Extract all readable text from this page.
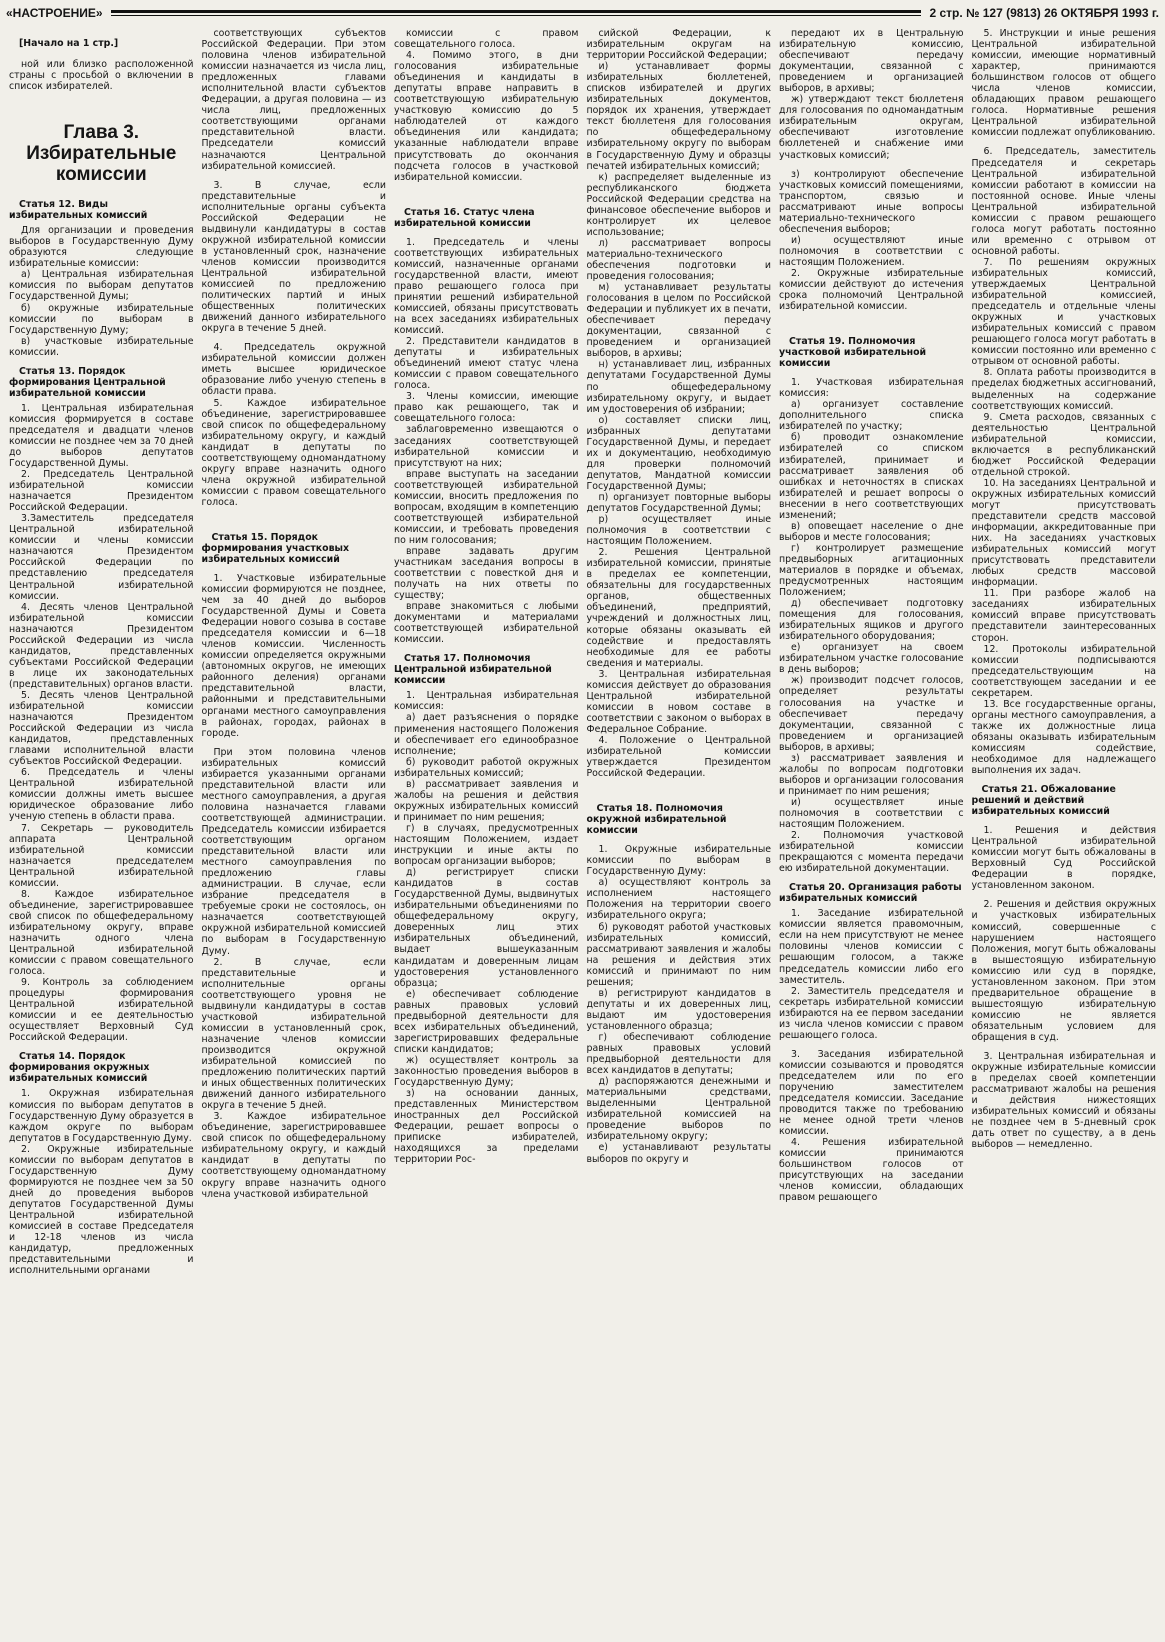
«НАСТРОЕНИЕ»	2 стр. № 127 (9813) 26 ОКТЯБРЯ 1993 г.

[Начало на 1 стр.]

ной или близко расположенной страны с просьбой о включении в список избирателей.

Глава 3. Избирательные комиссии
Статья 12. Виды избирательных комиссий

Для организации и проведения выборов в Государственную Думу образуются следующие избирательные комиссии:

а) Центральная избирательная комиссия по выборам депутатов Государственной Думы;

б) окружные избирательные комиссии по выборам в Государственную Думу;

в) участковые избирательные комиссии.

Статья 13. Порядок формирования Центральной избирательной комиссии

1. Центральная избирательная комиссия формируется в составе председателя и двадцати членов комиссии не позднее чем за 70 дней до выборов депутатов Государственной Думы.

2. Председатель Центральной избирательной комиссии назначается Президентом Российской Федерации.

3.Заместитель председателя Центральной избирательной комиссии и члены комиссии назначаются Президентом Российской Федерации по представлению председателя Центральной избирательной комиссии.

4. Десять членов Центральной избирательной комиссии назначаются Президентом Российской Федерации из числа кандидатов, представленных субъектами Российской Федерации в лице их законодательных (представительных) органов власти.

5. Десять членов Центральной избирательной комиссии назначаются Президентом Российской Федерации из числа кандидатов, представленных главами исполнительной власти субъектов Российской Федерации.

6. Председатель и члены Центральной избирательной комиссии должны иметь высшее юридическое образование либо ученую степень в области права.

7. Секретарь — руководитель аппарата Центральной избирательной комиссии назначается председателем Центральной избирательной комиссии.

8. Каждое избирательное объединение, зарегистрировавшее свой список по общефедеральному избирательному округу, вправе назначить одного члена Центральной избирательной комиссии с правом совещательного голоса.

9. Контроль за соблюдением процедуры формирования Центральной избирательной комиссии и ее деятельностью осуществляет Верховный Суд Российской Федерации.

Статья 14. Порядок формирования окружных избирательных комиссий

1. Окружная избирательная комиссия по выборам депутатов в Государственную Думу образуется в каждом округе по выборам депутатов в Государственную Думу.

2. Окружные избирательные комиссии по выборам депутатов в Государственную Думу формируются не позднее чем за 50 дней до проведения выборов депутатов Государственной Думы Центральной избирательной комиссией в составе Председателя и 12-18 членов из числа кандидатур, предложенных представительными и исполнительными органами

соответствующих субъектов Российской Федерации. При этом половина членов избирательной комиссии назначается из числа лиц, предложенных главами исполнительной власти субъектов Федерации, а другая половина — из числа лиц, предложенных соответствующими органами представительной власти. Председатели комиссий назначаются Центральной избирательной комиссией.

3. В случае, если представительные и исполнительные органы субъекта Российской Федерации не выдвинули кандидатуры в состав окружной избирательной комиссии в установленный срок, назначение членов комиссии производится Центральной избирательной комиссией по предложению политических партий и иных общественных политических движений данного избирательного округа в течение 5 дней.

4. Председатель окружной избирательной комиссии должен иметь высшее юридическое образование либо ученую степень в области права.

5. Каждое избирательное объединение, зарегистрировавшее свой список по общефедеральному избирательному округу, и каждый кандидат в депутаты по соответствующему одномандатному округу вправе назначить одного члена окружной избирательной комиссии с правом совещательного голоса.

Статья 15. Порядок формирования участковых избирательных комиссий

1. Участковые избирательные комиссии формируются не позднее, чем за 40 дней до выборов Государственной Думы и Совета Федерации нового созыва в составе председателя комиссии и 6—18 членов комиссии. Численность комиссии определяется окружными (автономных округов, не имеющих районного деления) органами представительной власти, районными и представительными органами местного самоуправления в районах, городах, районах в городе.

При этом половина членов избирательных комиссий избирается указанными органами представительной власти или местного самоуправления, а другая половина назначается главами соответствующей администрации. Председатель комиссии избирается соответствующим органом представительной власти или местного самоуправления по предложению главы администрации. В случае, если избрание председателя в требуемые сроки не состоялось, он назначается соответствующей окружной избирательной комиссией по выборам в Государственную Думу.

2. В случае, если представительные и исполнительные органы соответствующего уровня не выдвинули кандидатуры в состав участковой избирательной комиссии в установленный срок, назначение членов комиссии производится окружной избирательной комиссией по предложению политических партий и иных общественных политических движений данного избирательного округа в течение 5 дней.

3. Каждое избирательное объединение, зарегистрировавшее свой список по общефедеральному избирательному округу, и каждый кандидат в депутаты по соответствующему одномандатному округу вправе назначить одного члена участковой избирательной

комиссии с правом совещательного голоса.

4. Помимо этого, в дни голосования избирательные объединения и кандидаты в депутаты вправе направить в соответствующую избирательную участковую комиссию до 5 наблюдателей от каждого объединения или кандидата; указанные наблюдатели вправе присутствовать до окончания подсчета голосов в участковой избирательной комиссии.

Статья 16. Статус члена избирательной комиссии

1. Председатель и члены соответствующих избирательных комиссий, назначенные органами государственной власти, имеют право решающего голоса при принятии решений избирательной комиссией, обязаны присутствовать на всех заседаниях избирательных комиссий.

2. Представители кандидатов в депутаты и избирательных объединений имеют статус члена комиссии с правом совещательного голоса.

3. Члены комиссии, имеющие право как решающего, так и совещательного голоса:

заблаговременно извещаются о заседаниях соответствующей избирательной комиссии и присутствуют на них;

вправе выступать на заседании соответствующей избирательной комиссии, вносить предложения по вопросам, входящим в компетенцию соответствующей избирательной комиссии, и требовать проведения по ним голосования;

вправе задавать другим участникам заседания вопросы в соответствии с повесткой дня и получать на них ответы по существу;

вправе знакомиться с любыми документами и материалами соответствующей избирательной комиссии.

Статья 17. Полномочия Центральной избирательной комиссии

1. Центральная избирательная комиссия:

а) дает разъяснения о порядке применения настоящего Положения и обеспечивает его единообразное исполнение;

б) руководит работой окружных избирательных комиссий;

в) рассматривает заявления и жалобы на решения и действия окружных избирательных комиссий и принимает по ним решения;

г) в случаях, предусмотренных настоящим Положением, издает инструкции и иные акты по вопросам организации выборов;

д) регистрирует списки кандидатов в состав Государственной Думы, выдвинутых избирательными объединениями по общефедеральному округу, доверенных лиц этих избирательных объединений, выдает вышеуказанным кандидатам и доверенным лицам удостоверения установленного образца;

е) обеспечивает соблюдение равных правовых условий предвыборной деятельности для всех избирательных объединений, зарегистрировавших федеральные списки кандидатов;

ж) осуществляет контроль за законностью проведения выборов в Государственную Думу;

з) на основании данных, представленных Министерством иностранных дел Российской Федерации, решает вопросы о приписке избирателей, находящихся за пределами территории Рос-

сийской Федерации, к избирательным округам на территории Российской Федерации;

и) устанавливает формы избирательных бюллетеней, списков избирателей и других избирательных документов, порядок их хранения, утверждает текст бюллетеня для голосования по общефедеральному избирательному округу по выборам в Государственную Думу и образцы печатей избирательных комиссий;

к) распределяет выделенные из республиканского бюджета Российской Федерации средства на финансовое обеспечение выборов и контролирует их целевое использование;

л) рассматривает вопросы материально-технического обеспечения подготовки и проведения голосования;

м) устанавливает результаты голосования в целом по Российской Федерации и публикует их в печати, обеспечивает передачу документации, связанной с проведением и организацией выборов, в архивы;

н) устанавливает лиц, избранных депутатами Государственной Думы по общефедеральному избирательному округу, и выдает им удостоверения об избрании;

о) составляет списки лиц, избранных депутатами Государственной Думы, и передает их и документацию, необходимую для проверки полномочий депутатов, Мандатной комиссии Государственной Думы;

п) организует повторные выборы депутатов Государственной Думы;

р) осуществляет иные полномочия в соответствии с настоящим Положением.

2. Решения Центральной избирательной комиссии, принятые в пределах ее компетенции, обязательны для государственных органов, общественных объединений, предприятий, учреждений и должностных лиц, которые обязаны оказывать ей содействие и предоставлять необходимые для ее работы сведения и материалы.

3. Центральная избирательная комиссия действует до образования Центральной избирательной комиссии в новом составе в соответствии с законом о выборах в Федеральное Собрание.

4. Положение о Центральной избирательной комиссии утверждается Президентом Российской Федерации.

Статья 18. Полномочия окружной избирательной комиссии

1. Окружные избирательные комиссии по выборам в Государственную Думу:

а) осуществляют контроль за исполнением настоящего Положения на территории своего избирательного округа;

б) руководят работой участковых избирательных комиссий, рассматривают заявления и жалобы на решения и действия этих комиссий и принимают по ним решения;

в) регистрируют кандидатов в депутаты и их доверенных лиц, выдают им удостоверения установленного образца;

г) обеспечивают соблюдение равных правовых условий предвыборной деятельности для всех кандидатов в депутаты;

д) распоряжаются денежными и материальными средствами, выделенными Центральной избирательной комиссией на проведение выборов по избирательному округу;

е) устанавливают результаты выборов по округу и

передают их в Центральную избирательную комиссию, обеспечивают передачу документации, связанной с проведением и организацией выборов, в архивы;

ж) утверждают текст бюллетеня для голосования по одномандатным избирательным округам, обеспечивают изготовление бюллетеней и снабжение ими участковых комиссий;

з) контролируют обеспечение участковых комиссий помещениями, транспортом, связью и рассматривают иные вопросы материально-технического обеспечения выборов;

и) осуществляют иные полномочия в соответствии с настоящим Положением.

2. Окружные избирательные комиссии действуют до истечения срока полномочий Центральной избирательной комиссии.

Статья 19. Полномочия участковой избирательной комиссии

1. Участковая избирательная комиссия:

а) организует составление дополнительного списка избирателей по участку;

б) проводит ознакомление избирателей со списком избирателей, принимает и рассматривает заявления об ошибках и неточностях в списках избирателей и решает вопросы о внесении в него соответствующих изменений;

в) оповещает население о дне выборов и месте голосования;

г) контролирует размещение предвыборных агитационных материалов в порядке и объемах, предусмотренных настоящим Положением;

д) обеспечивает подготовку помещения для голосования, избирательных ящиков и другого избирательного оборудования;

е) организует на своем избирательном участке голосование в день выборов;

ж) производит подсчет голосов, определяет результаты голосования на участке и обеспечивает передачу документации, связанной с проведением и организацией выборов, в архивы;

з) рассматривает заявления и жалобы по вопросам подготовки выборов и организации голосования и принимает по ним решения;

и) осуществляет иные полномочия в соответствии с настоящим Положением.

2. Полномочия участковой избирательной комиссии прекращаются с момента передачи ею избирательной документации.

Статья 20. Организация работы избирательных комиссий

1. Заседание избирательной комиссии является правомочным, если на нем присутствуют не менее половины членов комиссии с решающим голосом, а также председатель комиссии либо его заместитель.

2. Заместитель председателя и секретарь избирательной комиссии избираются на ее первом заседании из числа членов комиссии с правом решающего голоса.

3. Заседания избирательной комиссии созываются и проводятся председателем или по его поручению заместителем председателя комиссии. Заседание проводится также по требованию не менее одной трети членов комиссии.

4. Решения избирательной комиссии принимаются большинством голосов от присутствующих на заседании членов комиссии, обладающих правом решающего

5. Инструкции и иные решения Центральной избирательной комиссии, имеющие нормативный характер, принимаются большинством голосов от общего числа членов комиссии, обладающих правом решающего голоса. Нормативные решения Центральной избирательной комиссии подлежат опубликованию.

6. Председатель, заместитель Председателя и секретарь Центральной избирательной комиссии работают в комиссии на постоянной основе. Иные члены Центральной избирательной комиссии с правом решающего голоса могут работать постоянно или временно с отрывом от основной работы.

7. По решениям окружных избирательных комиссий, утверждаемых Центральной избирательной комиссией, председатель и отдельные члены окружных и участковых избирательных комиссий с правом решающего голоса могут работать в комиссии постоянно или временно с отрывом от основной работы.

8. Оплата работы производится в пределах бюджетных ассигнований, выделенных на содержание соответствующих комиссий.

9. Смета расходов, связанных с деятельностью Центральной избирательной комиссии, включается в республиканский бюджет Российской Федерации отдельной строкой.

10. На заседаниях Центральной и окружных избирательных комиссий могут присутствовать представители средств массовой информации, аккредитованные при них. На заседаниях участковых избирательных комиссий могут присутствовать представители любых средств массовой информации.

11. При разборе жалоб на заседаниях избирательных комиссий вправе присутствовать представители заинтересованных сторон.

12. Протоколы избирательной комиссии подписываются председательствующим на соответствующем заседании и ее секретарем.

13. Все государственные органы, органы местного самоуправления, а также их должностные лица обязаны оказывать избирательным комиссиям содействие, необходимое для надлежащего выполнения их задач.

Статья 21. Обжалование решений и действий избирательных комиссий

1. Решения и действия Центральной избирательной комиссии могут быть обжалованы в Верховный Суд Российской Федерации в порядке, установленном законом.

2. Решения и действия окружных и участковых избирательных комиссий, совершенные с нарушением настоящего Положения, могут быть обжалованы в вышестоящую избирательную комиссию или суд в порядке, установленном законом. При этом предварительное обращение в вышестоящую избирательную комиссию не является обязательным условием для обращения в суд.

3. Центральная избирательная и окружные избирательные комиссии в пределах своей компетенции рассматривают жалобы на решения и действия нижестоящих избирательных комиссий и обязаны не позднее чем в 5-дневный срок дать ответ по существу, а в день выборов — немедленно.
